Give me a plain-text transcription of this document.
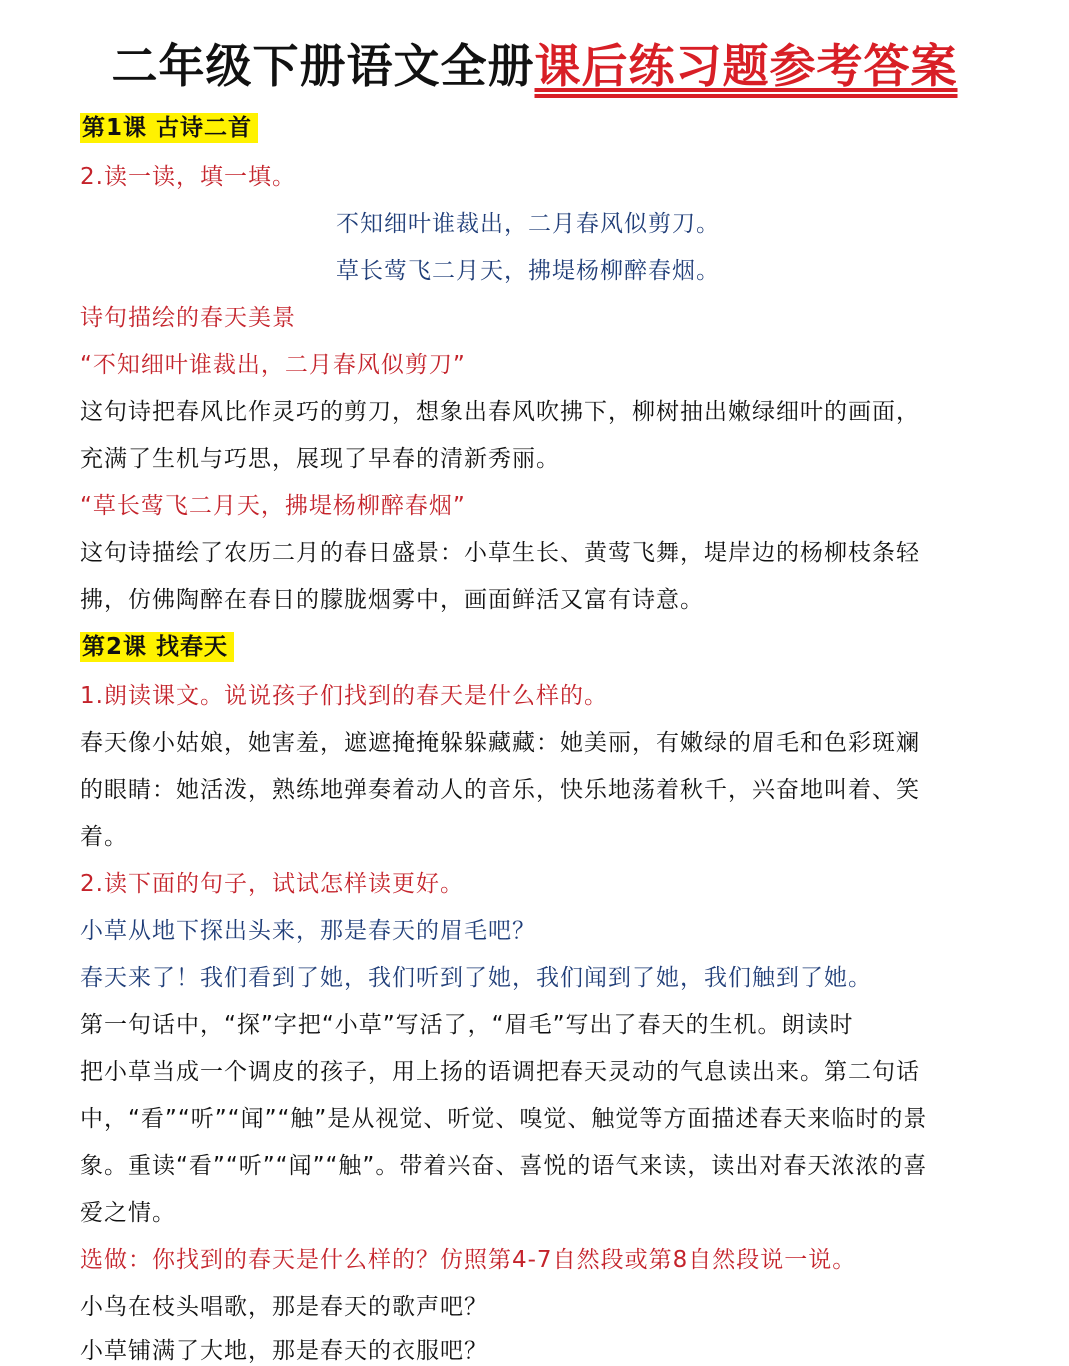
二年级下册语文全册课后练习题参考答案
第1课 古诗二首
2.读一读，填一填。
不知细叶谁裁出，二月春风似剪刀。
草长莺飞二月天，拂堤杨柳醉春烟。
诗句描绘的春天美景
“不知细叶谁裁出，二月春风似剪刀”
这句诗把春风比作灵巧的剪刀，想象出春风吹拂下，柳树抽出嫩绿细叶的画面，
充满了生机与巧思，展现了早春的清新秀丽。
“草长莺飞二月天，拂堤杨柳醉春烟”
这句诗描绘了农历二月的春日盛景：小草生长、黄莺飞舞，堤岸边的杨柳枝条轻
拂，仿佛陶醉在春日的朦胧烟雾中，画面鲜活又富有诗意。
第2课 找春天
1.朗读课文。说说孩子们找到的春天是什么样的。
春天像小姑娘，她害羞，遮遮掩掩躲躲藏藏：她美丽，有嫩绿的眉毛和色彩斑斓
的眼睛：她活泼，熟练地弹奏着动人的音乐，快乐地荡着秋千，兴奋地叫着、笑
着。
2.读下面的句子，试试怎样读更好。
小草从地下探出头来，那是春天的眉毛吧？
春天来了！我们看到了她，我们听到了她，我们闻到了她，我们触到了她。
第一句话中，“探”字把“小草”写活了，“眉毛”写出了春天的生机。朗读时
把小草当成一个调皮的孩子，用上扬的语调把春天灵动的气息读出来。第二句话
中，“看”“听”“闻”“触”是从视觉、听觉、嗅觉、触觉等方面描述春天来临时的景
象。重读“看”“听”“闻”“触”。带着兴奋、喜悦的语气来读，读出对春天浓浓的喜
爱之情。
选做：你找到的春天是什么样的？仿照第4-7自然段或第8自然段说一说。
小鸟在枝头唱歌，那是春天的歌声吧？
小草铺满了大地，那是春天的衣服吧？
